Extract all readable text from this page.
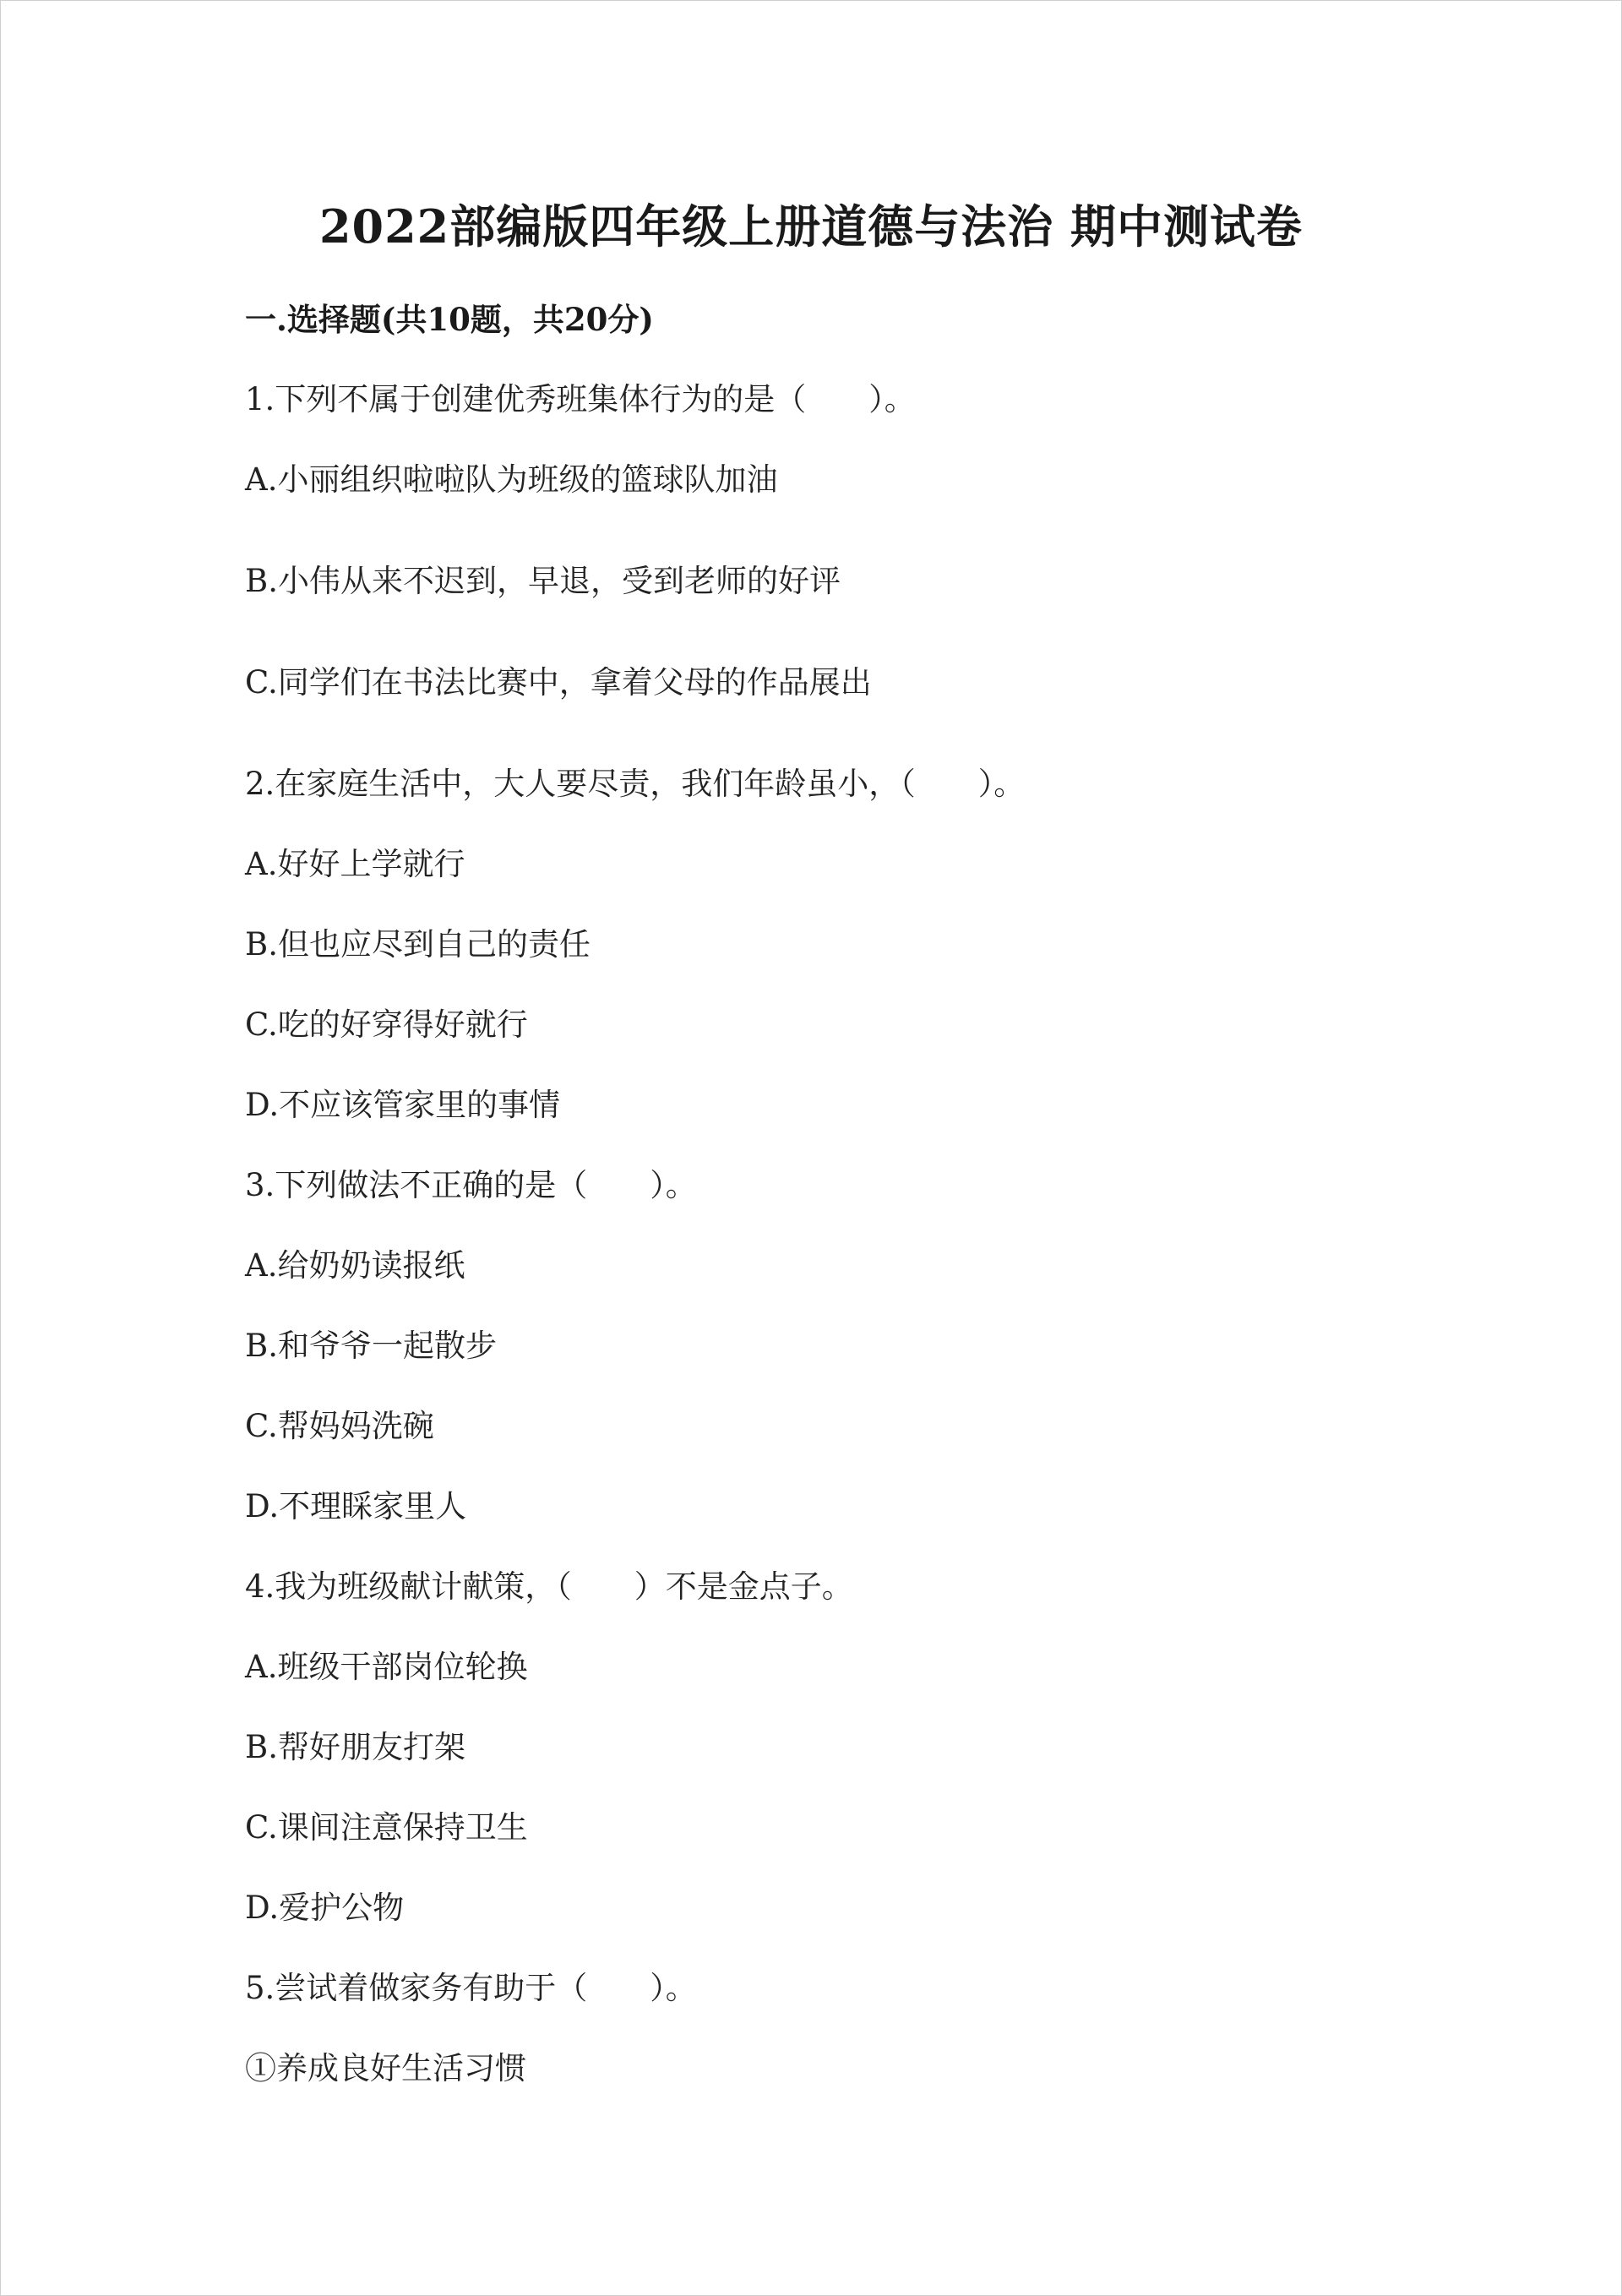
2022部编版四年级上册道德与法治 期中测试卷
一.选择题(共10题，共20分)
1.下列不属于创建优秀班集体行为的是（　　）。
A.小丽组织啦啦队为班级的篮球队加油
B.小伟从来不迟到，早退，受到老师的好评
C.同学们在书法比赛中，拿着父母的作品展出
2.在家庭生活中，大人要尽责，我们年龄虽小，（　　）。
A.好好上学就行
B.但也应尽到自己的责任
C.吃的好穿得好就行
D.不应该管家里的事情
3.下列做法不正确的是（　　）。
A.给奶奶读报纸
B.和爷爷一起散步
C.帮妈妈洗碗
D.不理睬家里人
4.我为班级献计献策，（　　）不是金点子。
A.班级干部岗位轮换
B.帮好朋友打架
C.课间注意保持卫生
D.爱护公物
5.尝试着做家务有助于（　　）。
①养成良好生活习惯
